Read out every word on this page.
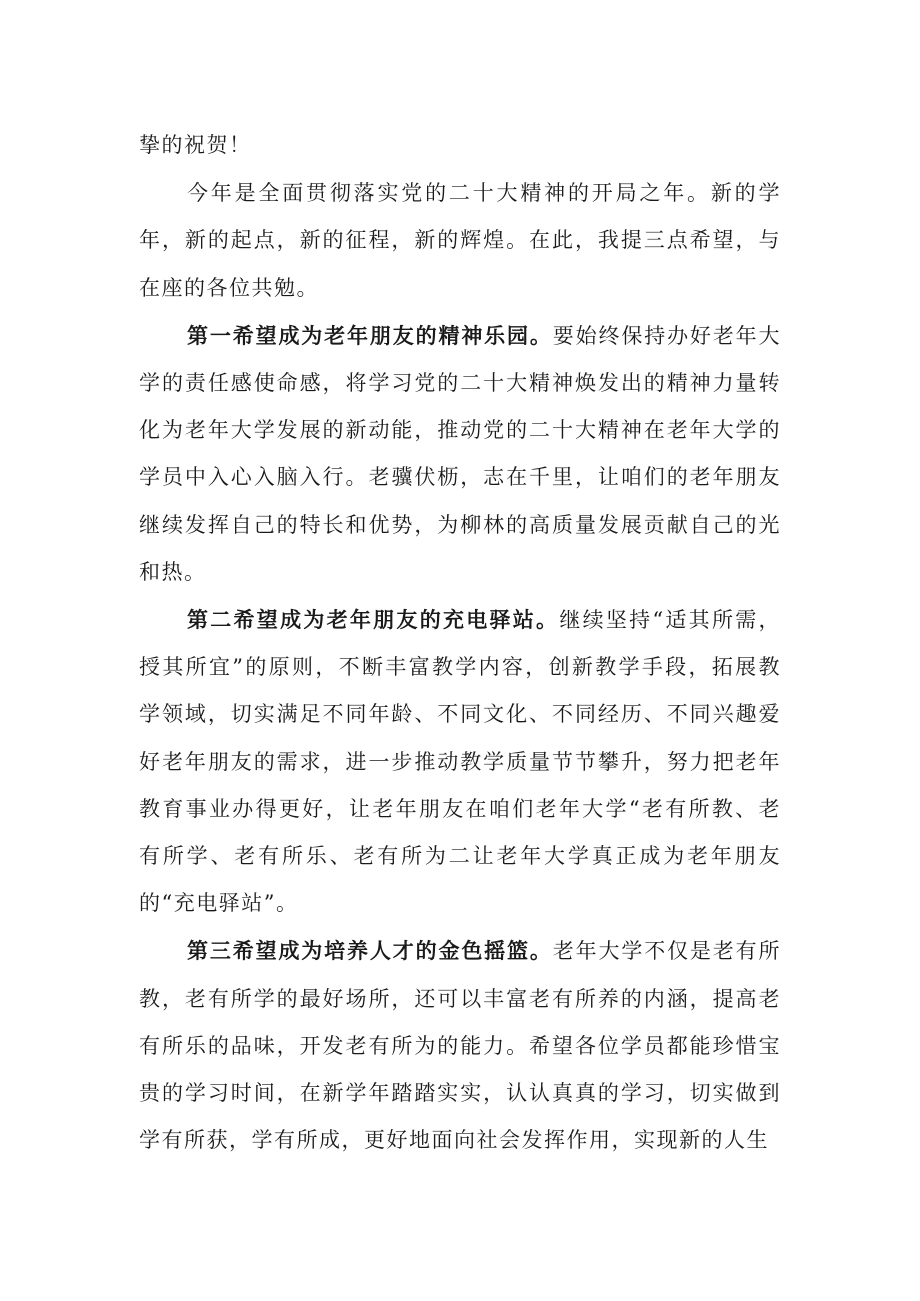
挚的祝贺！

今年是全面贯彻落实党的二十大精神的开局之年。新的学年，新的起点，新的征程，新的辉煌。在此，我提三点希望，与在座的各位共勉。

第一希望成为老年朋友的精神乐园。要始终保持办好老年大学的责任感使命感，将学习党的二十大精神焕发出的精神力量转化为老年大学发展的新动能，推动党的二十大精神在老年大学的学员中入心入脑入行。老骥伏枥，志在千里，让咱们的老年朋友继续发挥自己的特长和优势，为柳林的高质量发展贡献自己的光和热。

第二希望成为老年朋友的充电驿站。继续坚持“适其所需，授其所宜”的原则，不断丰富教学内容，创新教学手段，拓展教学领域，切实满足不同年龄、不同文化、不同经历、不同兴趣爱好老年朋友的需求，进一步推动教学质量节节攀升，努力把老年教育事业办得更好，让老年朋友在咱们老年大学“老有所教、老有所学、老有所乐、老有所为二让老年大学真正成为老年朋友的“充电驿站”。

第三希望成为培养人才的金色摇篮。老年大学不仅是老有所教，老有所学的最好场所，还可以丰富老有所养的内涵，提高老有所乐的品味，开发老有所为的能力。希望各位学员都能珍惜宝贵的学习时间，在新学年踏踏实实，认认真真的学习，切实做到学有所获，学有所成，更好地面向社会发挥作用，实现新的人生
